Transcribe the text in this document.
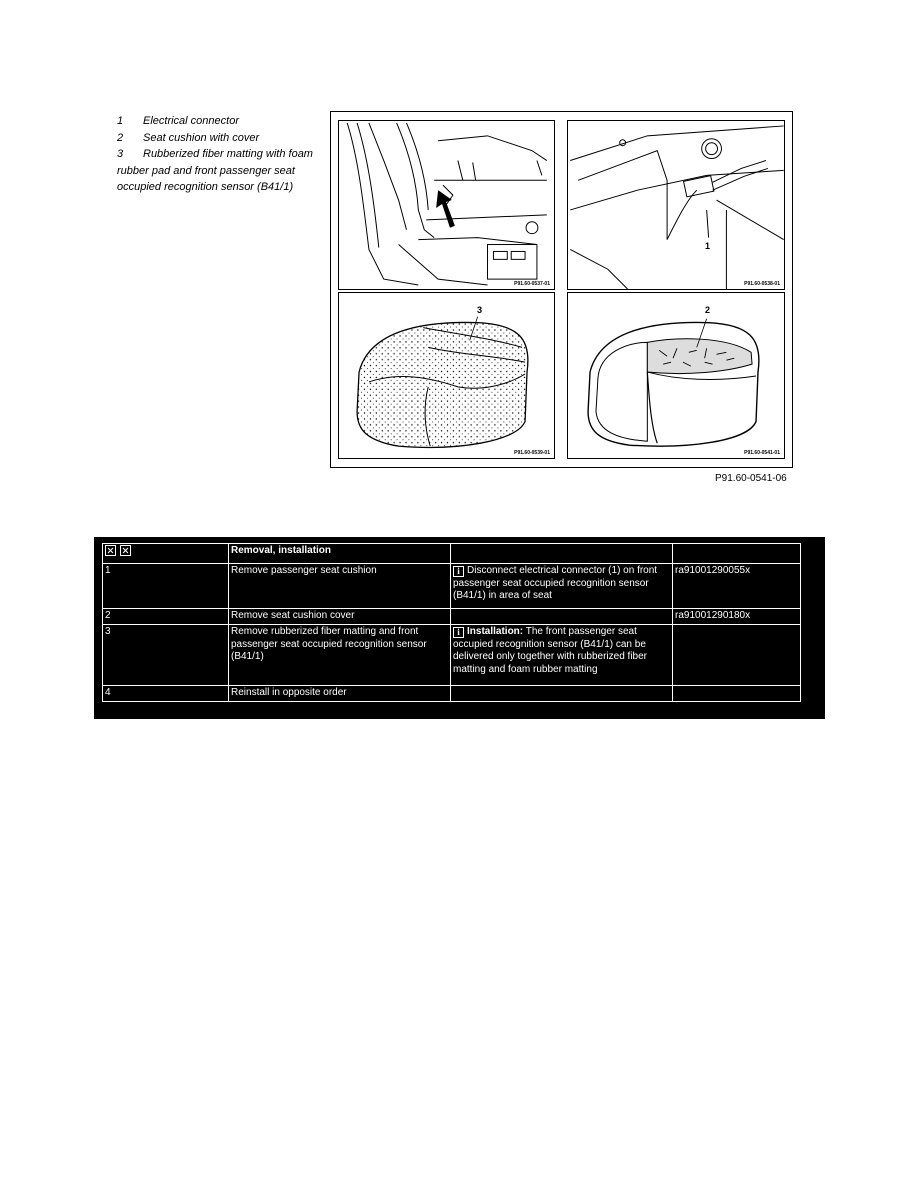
1	Electrical connector
2	Seat cushion with cover
3	Rubberized fiber matting with foam
rubber pad and front passenger seat occupied recognition sensor (B41/1)
P91.60-0537-01
1
P91.60-0538-01
3
P91.60-0539-01
2
P91.60-0541-01
P91.60-0541-06
	Removal, installation		
1	Remove passenger seat cushion	i Disconnect electrical connector (1) on front passenger seat occupied recognition sensor (B41/1) in area of seat	ra91001290055x
2	Remove seat cushion cover		ra91001290180x
3	Remove rubberized fiber matting and front passenger seat occupied recognition sensor (B41/1)	i Installation: The front passenger seat occupied recognition sensor (B41/1) can be delivered only together with rubberized fiber matting and foam rubber matting	
4	Reinstall in opposite order		
